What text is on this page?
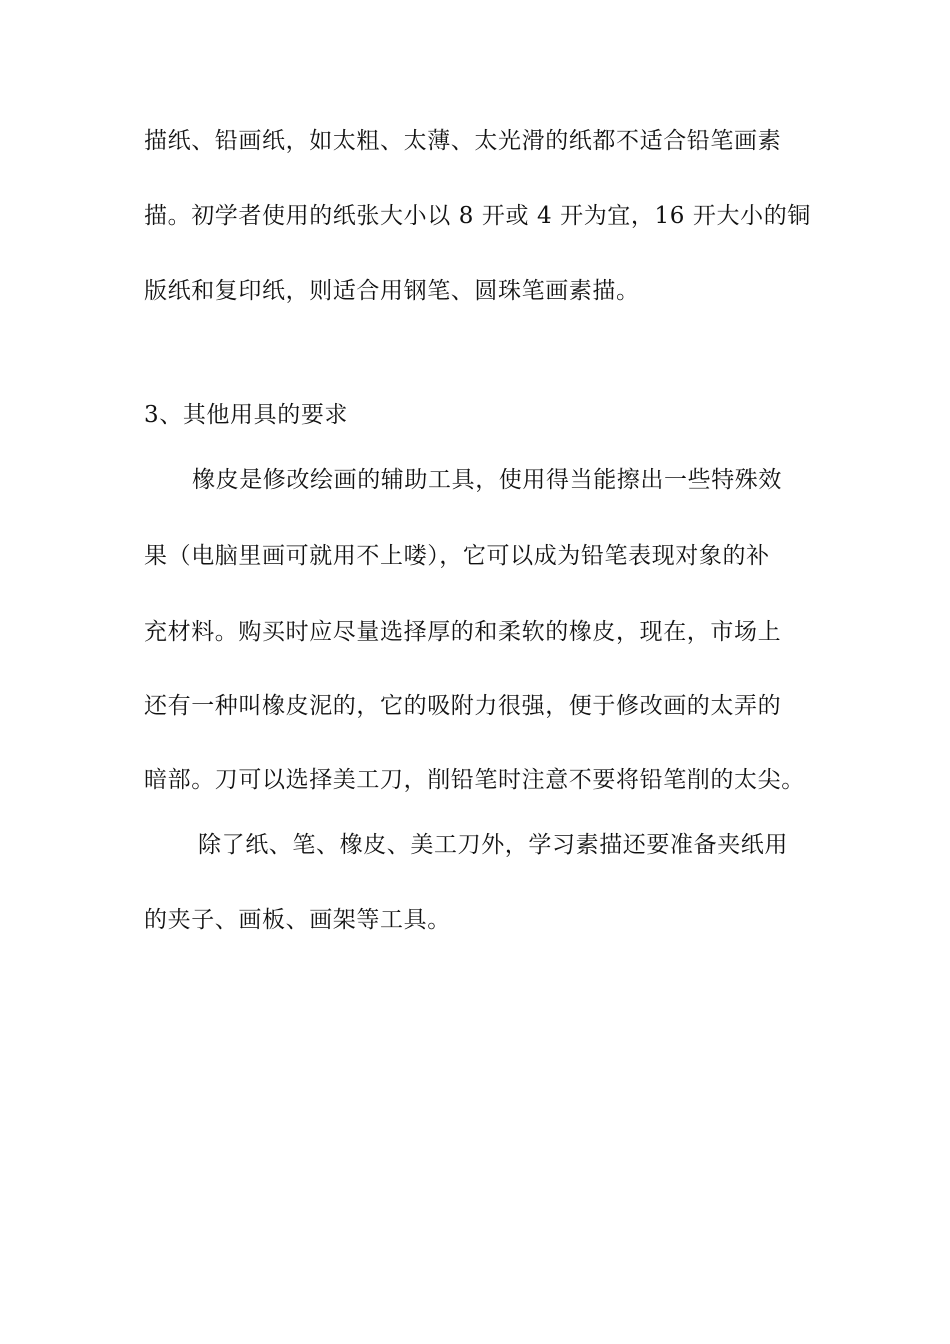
描纸、铅画纸，如太粗、太薄、太光滑的纸都不适合铅笔画素
描。初学者使用的纸张大小以 8 开或 4 开为宜，16 开大小的铜
版纸和复印纸，则适合用钢笔、圆珠笔画素描。
3、其他用具的要求
橡皮是修改绘画的辅助工具，使用得当能擦出一些特殊效
果（电脑里画可就用不上喽），它可以成为铅笔表现对象的补
充材料。购买时应尽量选择厚的和柔软的橡皮，现在，市场上
还有一种叫橡皮泥的，它的吸附力很强，便于修改画的太弄的
暗部。刀可以选择美工刀，削铅笔时注意不要将铅笔削的太尖。
除了纸、笔、橡皮、美工刀外，学习素描还要准备夹纸用
的夹子、画板、画架等工具。
